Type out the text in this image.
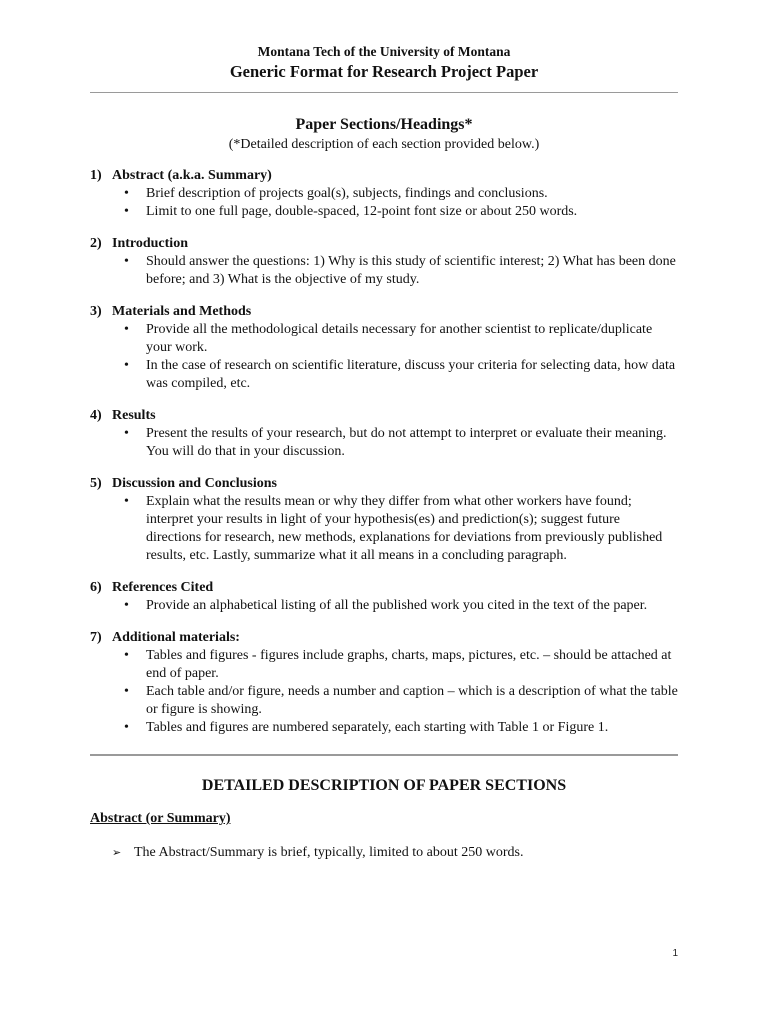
Montana Tech of the University of Montana
Generic Format for Research Project Paper
Paper Sections/Headings*
(*Detailed description of each section provided below.)
1) Abstract (a.k.a. Summary)
• Brief description of projects goal(s), subjects, findings and conclusions.
• Limit to one full page, double-spaced, 12-point font size or about 250 words.
2) Introduction
• Should answer the questions: 1) Why is this study of scientific interest; 2) What has been done before; and 3) What is the objective of my study.
3) Materials and Methods
• Provide all the methodological details necessary for another scientist to replicate/duplicate your work.
• In the case of research on scientific literature, discuss your criteria for selecting data, how data was compiled, etc.
4) Results
• Present the results of your research, but do not attempt to interpret or evaluate their meaning. You will do that in your discussion.
5) Discussion and Conclusions
• Explain what the results mean or why they differ from what other workers have found; interpret your results in light of your hypothesis(es) and prediction(s); suggest future directions for research, new methods, explanations for deviations from previously published results, etc. Lastly, summarize what it all means in a concluding paragraph.
6) References Cited
• Provide an alphabetical listing of all the published work you cited in the text of the paper.
7) Additional materials:
• Tables and figures - figures include graphs, charts, maps, pictures, etc. – should be attached at end of paper.
• Each table and/or figure, needs a number and caption – which is a description of what the table or figure is showing.
• Tables and figures are numbered separately, each starting with Table 1 or Figure 1.
DETAILED DESCRIPTION OF PAPER SECTIONS
Abstract (or Summary)
➢ The Abstract/Summary is brief, typically, limited to about 250 words.
1
